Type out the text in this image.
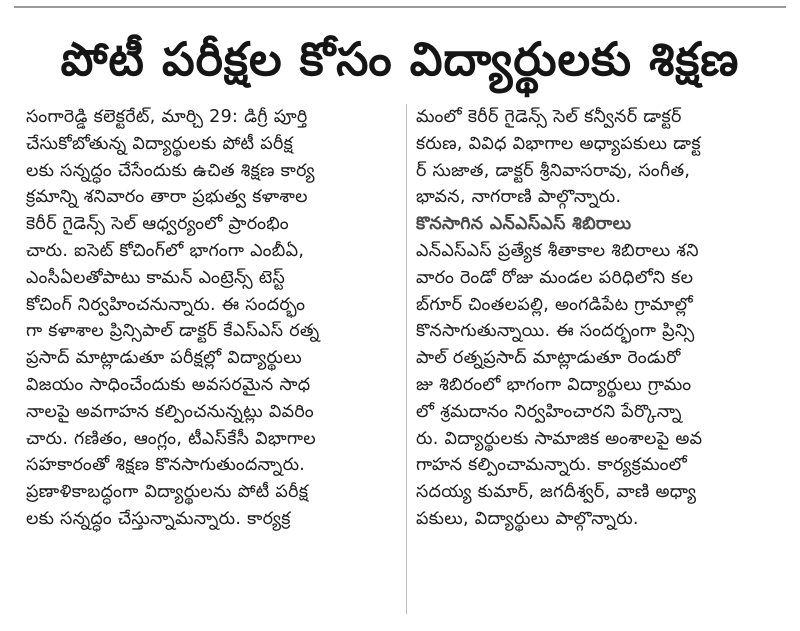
పోటీ పరీక్షల కోసం విద్యార్థులకు శిక్షణ
సంగారెడ్డి కలెక్టరేట్, మార్చి 29: డిగ్రీ పూర్తి
చేసుకోబోతున్న విద్యార్థులకు పోటీ పరీక్ష
లకు సన్నద్ధం చేసేందుకు ఉచిత శిక్షణ కార్య
క్రమాన్ని శనివారం తారా ప్రభుత్వ కళాశాల
కెరీర్ గైడెన్స్ సెల్ ఆధ్వర్యంలో ప్రారంభిం
చారు. ఐసెట్ కోచింగ్‌లో భాగంగా ఎంబీఏ,
ఎంసీఏలతోపాటు కామన్ ఎంట్రెన్స్ టెస్ట్
కోచింగ్ నిర్వహించనున్నారు. ఈ సందర్భం
గా కళాశాల ప్రిన్సిపాల్ డాక్టర్ కేఎస్ఎస్ రత్న
ప్రసాద్ మాట్లాడుతూ పరీక్షల్లో విద్యార్థులు
విజయం సాధించేందుకు అవసరమైన సాధ
నాలపై అవగాహన కల్పించనున్నట్లు వివరిం
చారు. గణితం, ఆంగ్లం, టీఎస్‌కేసీ విభాగాల
సహకారంతో శిక్షణ కొనసాగుతుందన్నారు.
ప్రణాళికాబద్ధంగా విద్యార్థులను పోటీ పరీక్ష
లకు సన్నద్ధం చేస్తున్నామన్నారు. కార్యక్ర
మంలో కెరీర్ గైడెన్స్ సెల్ కన్వీనర్ డాక్టర్
కరుణ, వివిధ విభాగాల అధ్యాపకులు డాక్ట
ర్ సుజాత, డాక్టర్ శ్రీనివాసరావు, సంగీత,
భావన, నాగరాణి పాల్గొన్నారు.
కొనసాగిన ఎన్ఎస్ఎస్ శిబిరాలు
ఎన్ఎస్ఎస్ ప్రత్యేక శీతాకాల శిబిరాలు శని
వారం రెండో రోజు మండల పరిధిలోని కల
బ్‌గూర్ చింతలపల్లి, అంగడిపేట గ్రామాల్లో
కొనసాగుతున్నాయి. ఈ సందర్భంగా ప్రిన్సి
పాల్ రత్నప్రసాద్ మాట్లాడుతూ రెండురో
జు శిబిరంలో భాగంగా విద్యార్థులు గ్రామం
లో శ్రమదానం నిర్వహించారని పేర్కొన్నా
రు. విద్యార్థులకు సామాజిక అంశాలపై అవ
గాహన కల్పించామన్నారు. కార్యక్రమంలో
సదయ్య కుమార్, జగదీశ్వర్, వాణి అధ్యా
పకులు, విద్యార్థులు పాల్గొన్నారు.
